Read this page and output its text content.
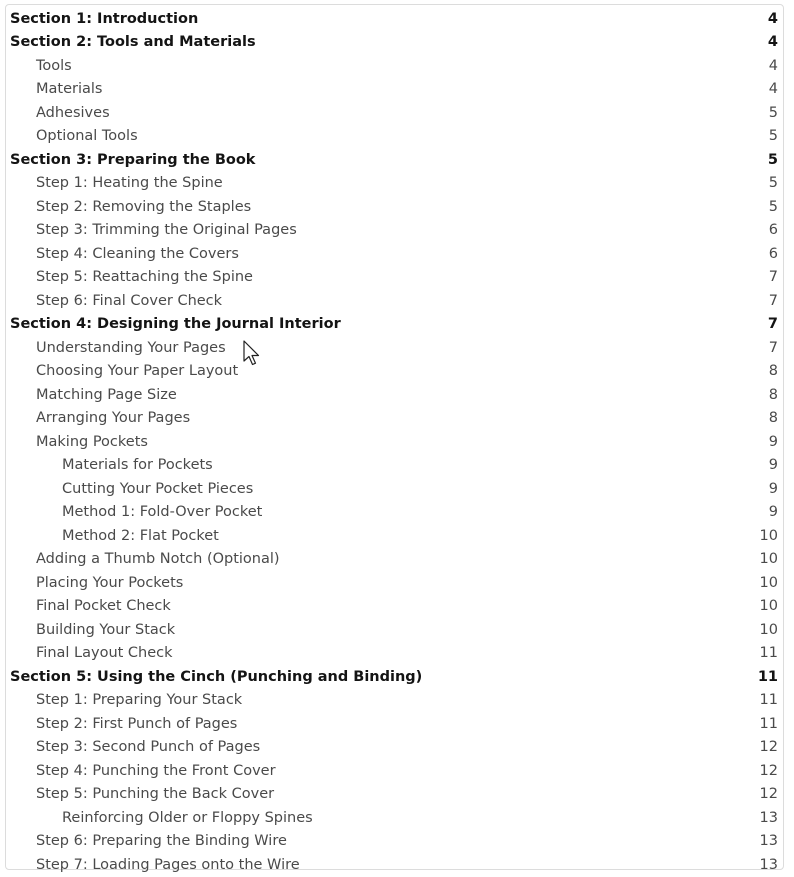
Section 1: Introduction	4
Section 2: Tools and Materials	4
Tools	4
Materials	4
Adhesives	5
Optional Tools	5
Section 3: Preparing the Book	5
Step 1: Heating the Spine	5
Step 2: Removing the Staples	5
Step 3: Trimming the Original Pages	6
Step 4: Cleaning the Covers	6
Step 5: Reattaching the Spine	7
Step 6: Final Cover Check	7
Section 4: Designing the Journal Interior	7
Understanding Your Pages	7
Choosing Your Paper Layout	8
Matching Page Size	8
Arranging Your Pages	8
Making Pockets	9
Materials for Pockets	9
Cutting Your Pocket Pieces	9
Method 1: Fold-Over Pocket	9
Method 2: Flat Pocket	10
Adding a Thumb Notch (Optional)	10
Placing Your Pockets	10
Final Pocket Check	10
Building Your Stack	10
Final Layout Check	11
Section 5: Using the Cinch (Punching and Binding)	11
Step 1: Preparing Your Stack	11
Step 2: First Punch of Pages	11
Step 3: Second Punch of Pages	12
Step 4: Punching the Front Cover	12
Step 5: Punching the Back Cover	12
Reinforcing Older or Floppy Spines	13
Step 6: Preparing the Binding Wire	13
Step 7: Loading Pages onto the Wire	13
